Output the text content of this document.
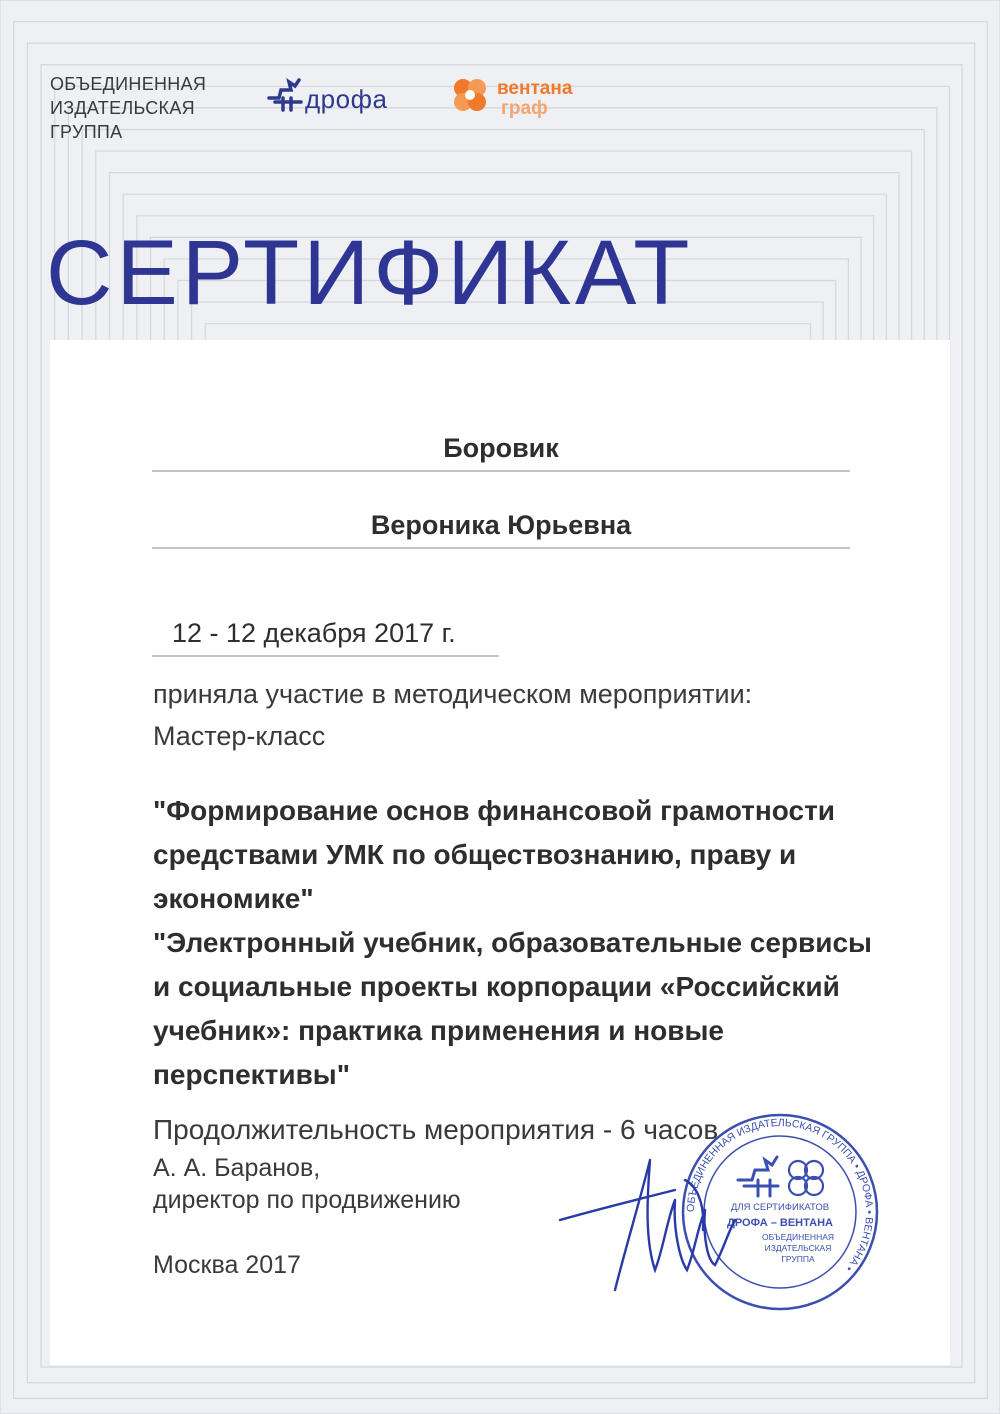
ОБЪЕДИНЕННАЯ
ИЗДАТЕЛЬСКАЯ
ГРУППА
дрофа	вентана
граф
СЕРТИФИКАТ
Боровик
Вероника Юрьевна
12 - 12 декабря 2017 г.
приняла участие в методическом мероприятии:
Мастер-класс
"Формирование основ финансовой грамотности средствами УМК по обществознанию, праву и экономике"
"Электронный учебник, образовательные сервисы и социальные проекты корпорации «Российский учебник»: практика применения и новые перспективы"
Продолжительность мероприятия - 6 часов
А. А. Баранов,
директор по продвижению
Москва 2017
ОБЪЕДИНЕННАЯ ИЗДАТЕЛЬСКАЯ ГРУППА • ДРОФА • ВЕНТАНА •
ДЛЯ СЕРТИФИКАТОВ
ДРОФА – ВЕНТАНА
ОБЪЕДИНЕННАЯ
ИЗДАТЕЛЬСКАЯ
ГРУППА
